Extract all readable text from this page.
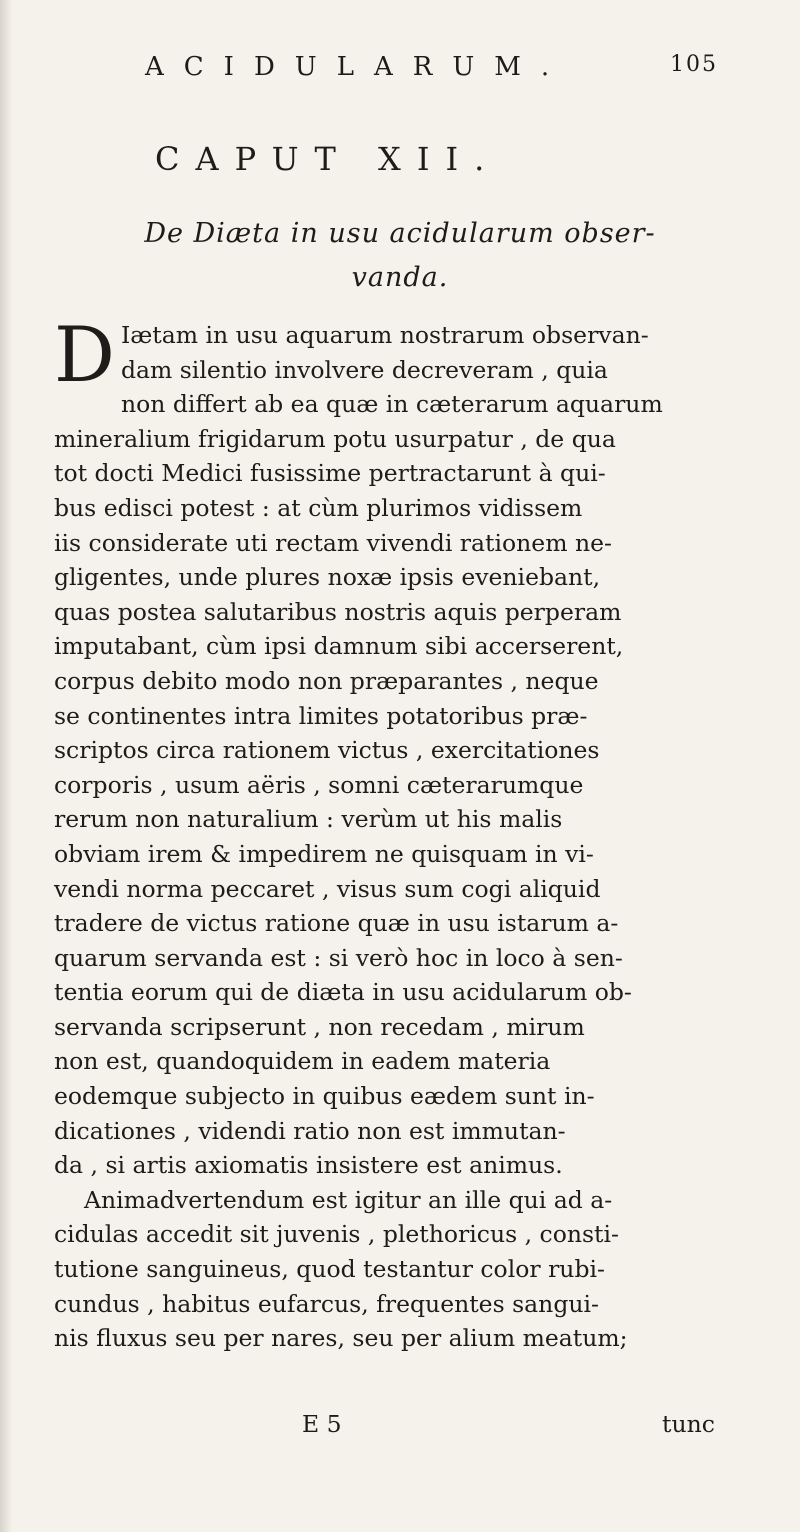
ACIDULARUM.	105
CAPUT XII.
De Diæta in usu acidularum obser-
vanda.
D Iætam in usu aquarum nostrarum observan-
dam silentio involvere decreveram , quia
non differt ab ea quæ in cæterarum aquarum
mineralium frigidarum potu usurpatur , de qua
tot docti Medici fusissime pertractarunt à qui-
bus edisci potest : at cùm plurimos vidissem
iis considerate uti rectam vivendi rationem ne-
gligentes, unde plures noxæ ipsis eveniebant,
quas postea salutaribus nostris aquis perperam
imputabant, cùm ipsi damnum sibi accerserent,
corpus debito modo non præparantes , neque
se continentes intra limites potatoribus præ-
scriptos circa rationem victus , exercitationes
corporis , usum aëris , somni cæterarumque
rerum non naturalium : verùm ut his malis
obviam irem & impedirem ne quisquam in vi-
vendi norma peccaret , visus sum cogi aliquid
tradere de victus ratione quæ in usu istarum a-
quarum servanda est : si verò hoc in loco à sen-
tentia eorum qui de diæta in usu acidularum ob-
servanda scripserunt , non recedam , mirum
non est, quandoquidem in eadem materia
eodemque subjecto in quibus eædem sunt in-
dicationes , videndi ratio non est immutan-
da , si artis axiomatis insistere est animus.
Animadvertendum est igitur an ille qui ad a-
cidulas accedit sit juvenis , plethoricus , consti-
tutione sanguineus, quod testantur color rubi-
cundus , habitus eufarcus, frequentes sangui-
nis fluxus seu per nares, seu per alium meatum;
E 5	tunc
